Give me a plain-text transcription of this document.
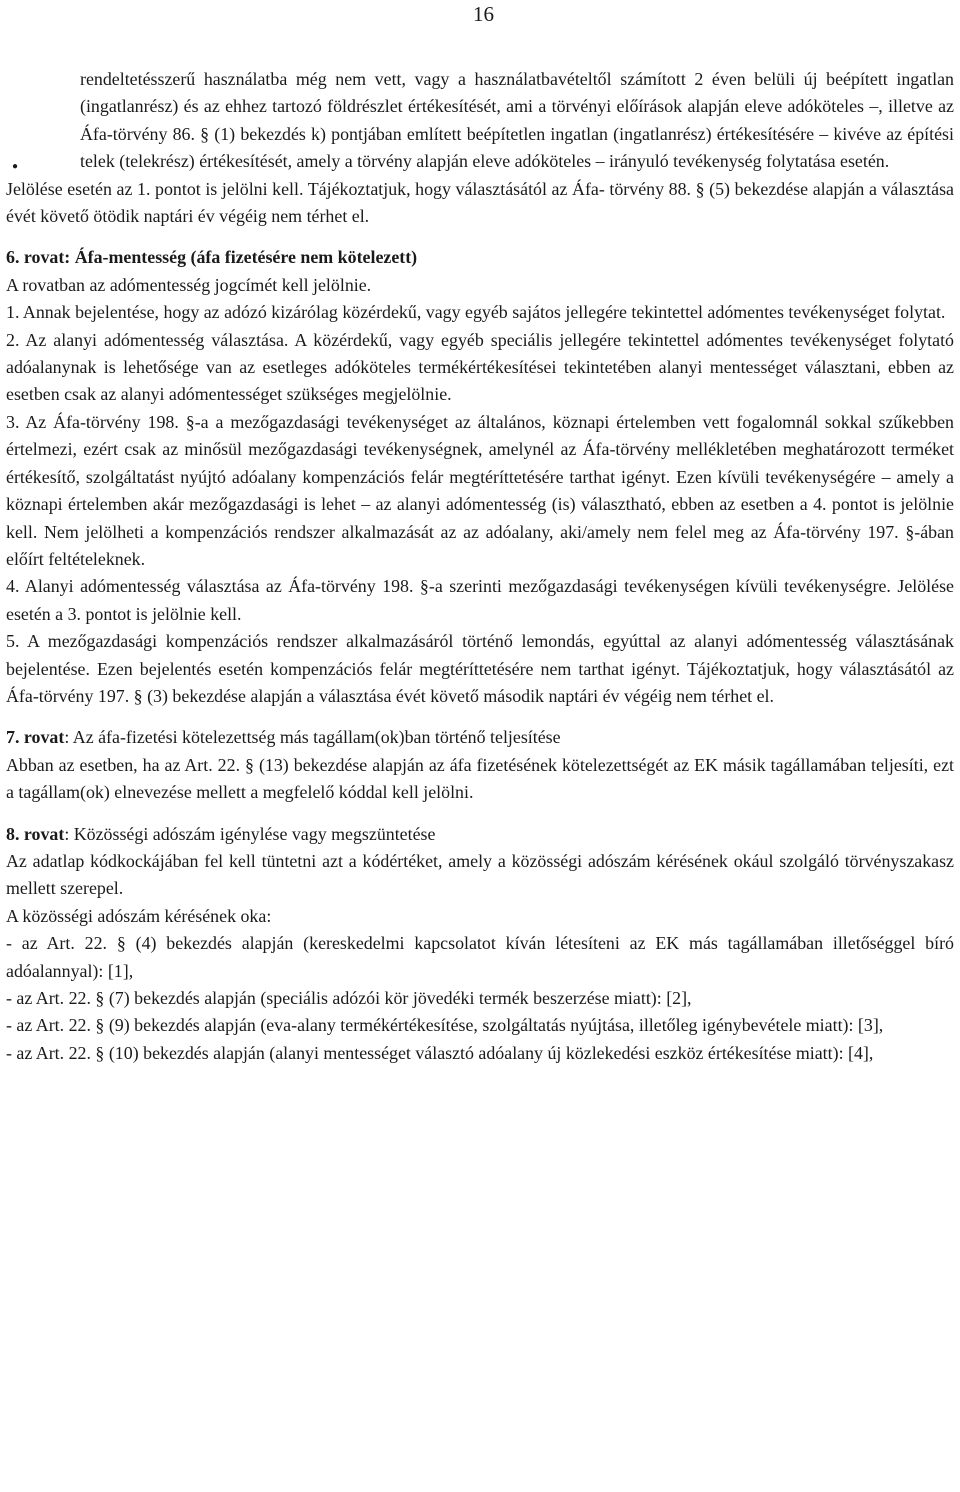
16
●

rendeltetésszerű használatba még nem vett, vagy a használatbavételtől számított 2 éven belüli új beépített ingatlan (ingatlanrész) és az ehhez tartozó földrészlet értékesítését, ami a törvényi előírások alapján eleve adóköteles –, illetve az Áfa-törvény 86. § (1) bekezdés k) pontjában említett beépítetlen ingatlan (ingatlanrész) értékesítésére – kivéve az építési telek (telekrész) értékesítését, amely a törvény alapján eleve adóköteles – irányuló tevékenység folytatása esetén.

Jelölése esetén az 1. pontot is jelölni kell. Tájékoztatjuk, hogy választásától az Áfa- törvény 88. § (5) bekezdése alapján a választása évét követő ötödik naptári év végéig nem térhet el.

6. rovat: Áfa-mentesség (áfa fizetésére nem kötelezett)

A rovatban az adómentesség jogcímét kell jelölnie.

1. Annak bejelentése, hogy az adózó kizárólag közérdekű, vagy egyéb sajátos jellegére tekintettel adómentes tevékenységet folytat.

2. Az alanyi adómentesség választása. A közérdekű, vagy egyéb speciális jellegére tekintettel adómentes tevékenységet folytató adóalanynak is lehetősége van az esetleges adóköteles termékértékesítései tekintetében alanyi mentességet választani, ebben az esetben csak az alanyi adómentességet szükséges megjelölnie.

3. Az Áfa-törvény 198. §-a a mezőgazdasági tevékenységet az általános, köznapi értelemben vett fogalomnál sokkal szűkebben értelmezi, ezért csak az minősül mezőgazdasági tevékenységnek, amelynél az Áfa-törvény mellékletében meghatározott terméket értékesítő, szolgáltatást nyújtó adóalany kompenzációs felár megtéríttetésére tarthat igényt. Ezen kívüli tevékenységére – amely a köznapi értelemben akár mezőgazdasági is lehet – az alanyi adómentesség (is) választható, ebben az esetben a 4. pontot is jelölnie kell. Nem jelölheti a kompenzációs rendszer alkalmazását az az adóalany, aki/amely nem felel meg az Áfa-törvény 197. §-ában előírt feltételeknek.

4. Alanyi adómentesség választása az Áfa-törvény 198. §-a szerinti mezőgazdasági tevékenységen kívüli tevékenységre. Jelölése esetén a 3. pontot is jelölnie kell.

5. A mezőgazdasági kompenzációs rendszer alkalmazásáról történő lemondás, egyúttal az alanyi adómentesség választásának bejelentése. Ezen bejelentés esetén kompenzációs felár megtéríttetésére nem tarthat igényt. Tájékoztatjuk, hogy választásától az Áfa-törvény 197. § (3) bekezdése alapján a választása évét követő második naptári év végéig nem térhet el.

7. rovat: Az áfa-fizetési kötelezettség más tagállam(ok)ban történő teljesítése

Abban az esetben, ha az Art. 22. § (13) bekezdése alapján az áfa fizetésének kötelezettségét az EK másik tagállamában teljesíti, ezt a tagállam(ok) elnevezése mellett a megfelelő kóddal kell jelölni.

8. rovat: Közösségi adószám igénylése vagy megszüntetése

Az adatlap kódkockájában fel kell tüntetni azt a kódértéket, amely a közösségi adószám kérésének okául szolgáló törvényszakasz mellett szerepel.

A közösségi adószám kérésének oka:

- az Art. 22. § (4) bekezdés alapján (kereskedelmi kapcsolatot kíván létesíteni az EK más tagállamában illetőséggel bíró adóalannyal): [1],

- az Art. 22. § (7) bekezdés alapján (speciális adózói kör jövedéki termék beszerzése miatt): [2],

- az Art. 22. § (9) bekezdés alapján (eva-alany termékértékesítése, szolgáltatás nyújtása, illetőleg igénybevétele miatt): [3],

- az Art. 22. § (10) bekezdés alapján (alanyi mentességet választó adóalany új közlekedési eszköz értékesítése miatt): [4],
